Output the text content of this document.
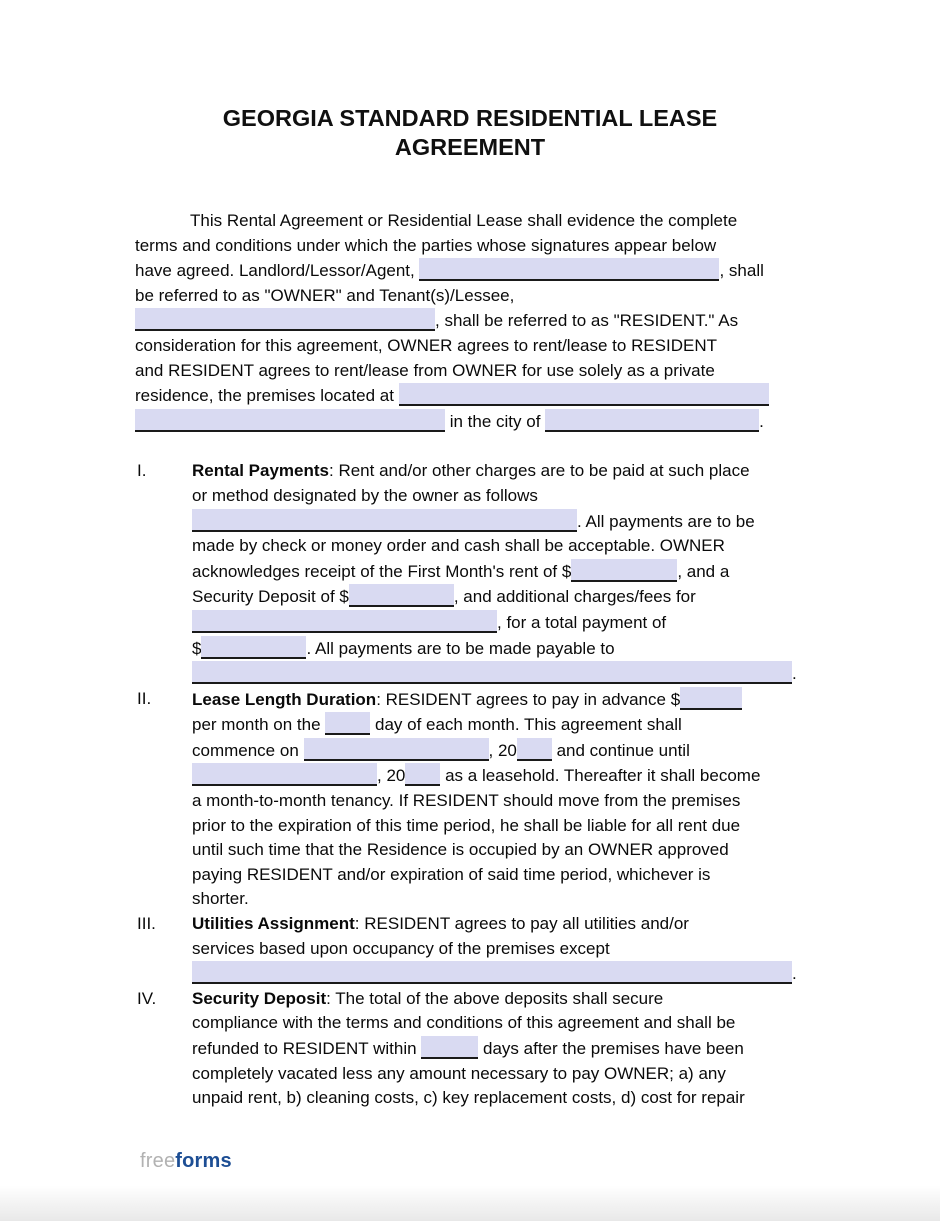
GEORGIA STANDARD RESIDENTIAL LEASE
AGREEMENT

This Rental Agreement or Residential Lease shall evidence the complete
terms and conditions under which the parties whose signatures appear below
have agreed. Landlord/Lessor/Agent,	, shall
be referred to as "OWNER" and Tenant(s)/Lessee,
, shall be referred to as "RESIDENT." As
consideration for this agreement, OWNER agrees to rent/lease to RESIDENT
and RESIDENT agrees to rent/lease from OWNER for use solely as a private
residence, the premises located at
in the city of	.

I.	Rental Payments: Rent and/or other charges are to be paid at such place
or method designated by the owner as follows
. All payments are to be
made by check or money order and cash shall be acceptable. OWNER
acknowledges receipt of the First Month's rent of $	, and a
Security Deposit of $	, and additional charges/fees for
, for a total payment of
$	. All payments are to be made payable to
.
II. Lease Length Duration: RESIDENT agrees to pay in advance $
per month on the	day of each month. This agreement shall
commence on	, 20 and continue until
, 20 as a leasehold. Thereafter it shall become
a month-to-month tenancy. If RESIDENT should move from the premises
prior to the expiration of this time period, he shall be liable for all rent due
until such time that the Residence is occupied by an OWNER approved
paying RESIDENT and/or expiration of said time period, whichever is
shorter.
III. Utilities Assignment: RESIDENT agrees to pay all utilities and/or
services based upon occupancy of the premises except
.
IV. Security Deposit: The total of the above deposits shall secure
compliance with the terms and conditions of this agreement and shall be
refunded to RESIDENT within	days after the premises have been
completely vacated less any amount necessary to pay OWNER; a) any
unpaid rent, b) cleaning costs, c) key replacement costs, d) cost for repair
freeforms
